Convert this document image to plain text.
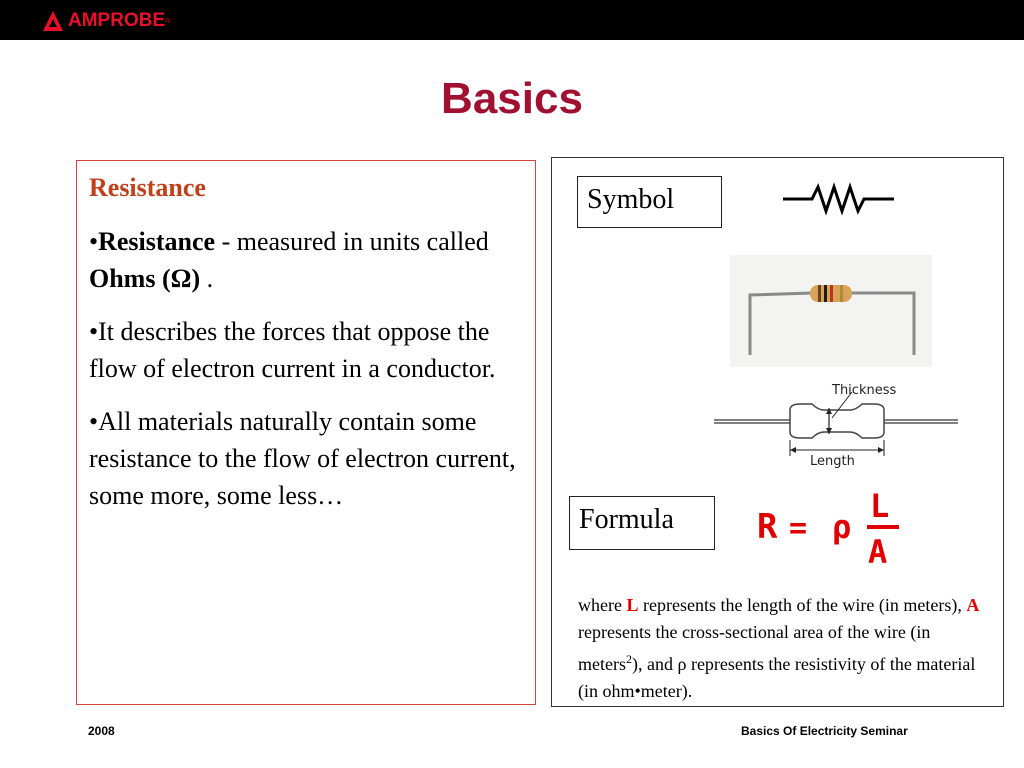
AMPROBE ®
Basics
Resistance
•Resistance - measured in units called Ohms (Ω) .
•It describes the forces that oppose the flow of electron current in a conductor.
•All materials naturally contain some resistance to the flow of electron current, some more, some less…
Symbol
Thickness
Length
Formula	R = ρ
L
A
where L represents the length of the wire (in meters), A represents the cross-sectional area of the wire (in meters$^2$), and ρ represents the resistivity of the material (in ohm•meter).
2008	Basics Of Electricity Seminar
